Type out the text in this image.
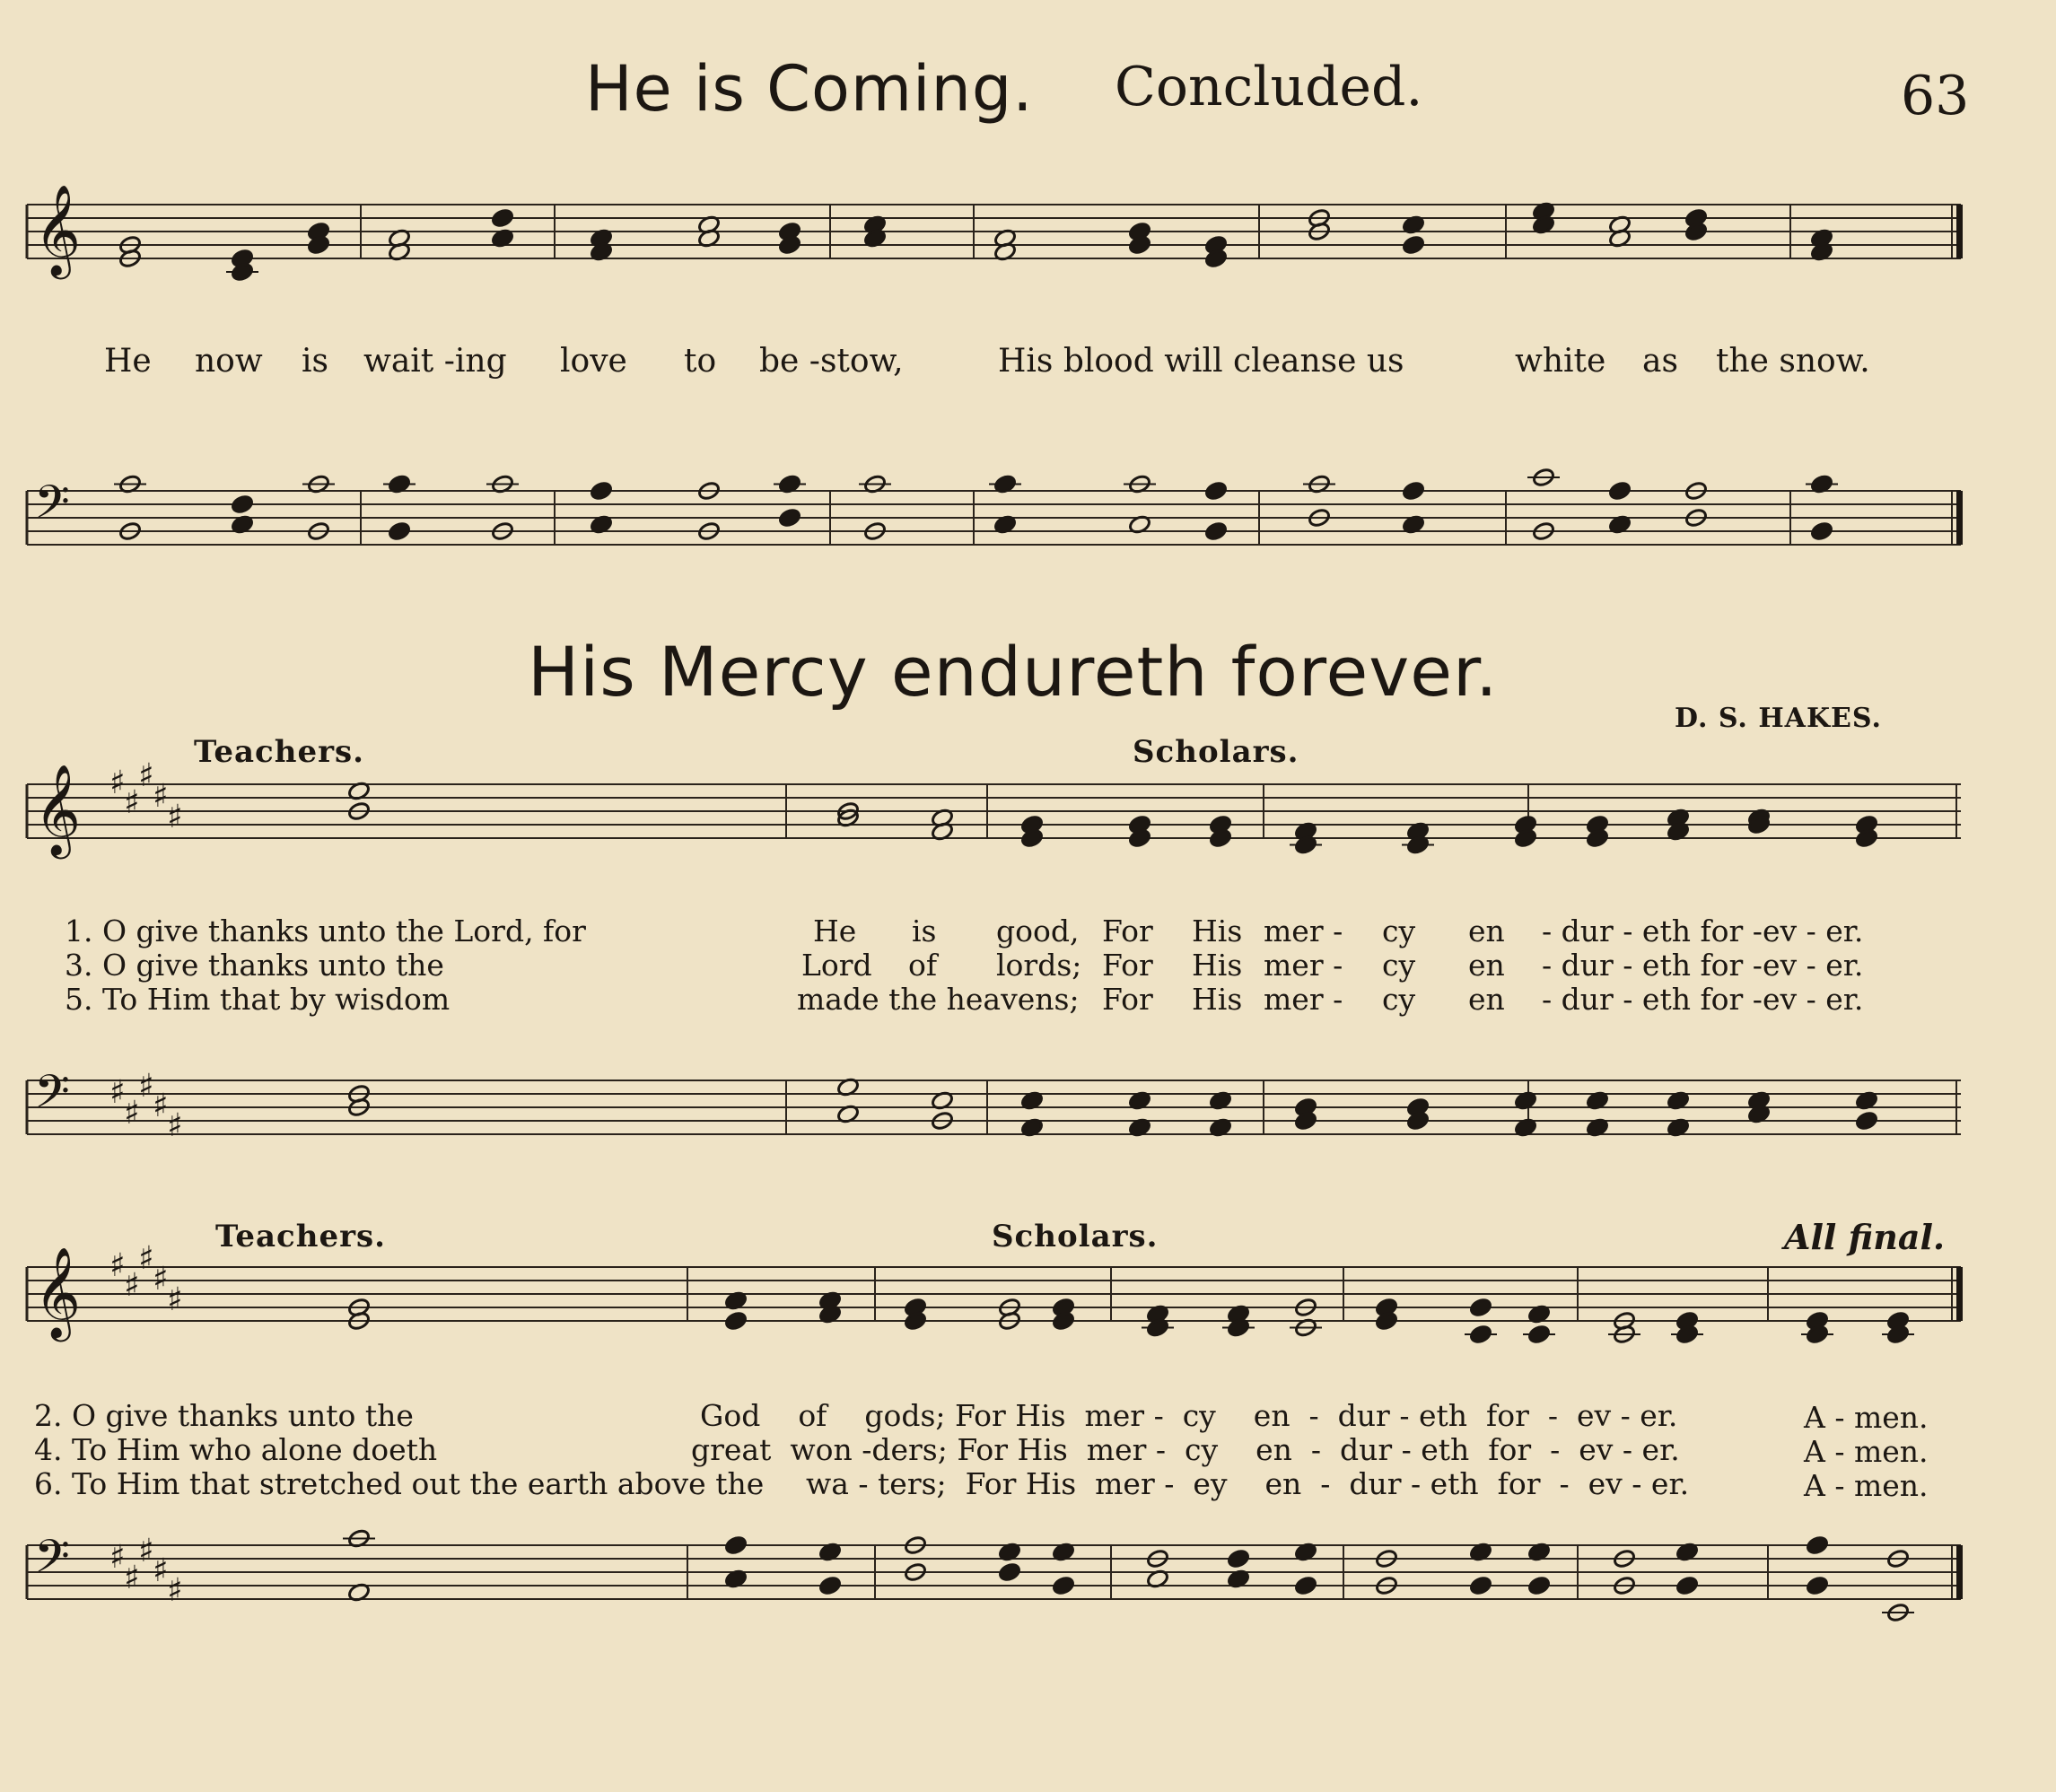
He is Coming. Concluded.	63
𝄞
𝄢
𝄞 ♯
♯
♯
♯
♯
𝄢 ♯
♯
♯
♯
♯
𝄞 ♯
♯
♯
♯
♯
𝄢 ♯
♯
♯
♯
♯
He now is wait -ing love to be -stow,	His blood will cleanse us	white as the snow.
His Mercy endureth forever.
D. S. HAKES.
Teachers.	Scholars.
1. O give thanks unto the Lord, for
3. O give thanks unto the
5. To Him that by wisdom
He is good, For His mer - cy en - dur - eth for -ev - er.
Lord of lords; For His mer - cy en - dur - eth for -ev - er.
made the heavens; For His mer - cy en - dur - eth for -ev - er.
Teachers.	Scholars.	All final.
2. O give thanks unto the
4. To Him who alone doeth
6. To Him that stretched out the earth above the
God    of    gods; For His  mer -  cy    en  -  dur - eth  for  -  ev - er.
great  won -ders; For His  mer -  cy    en  -  dur - eth  for  -  ev - er.
wa - ters;  For His  mer -  ey    en  -  dur - eth  for  -  ev - er.
A - men.
A - men.
A - men.
